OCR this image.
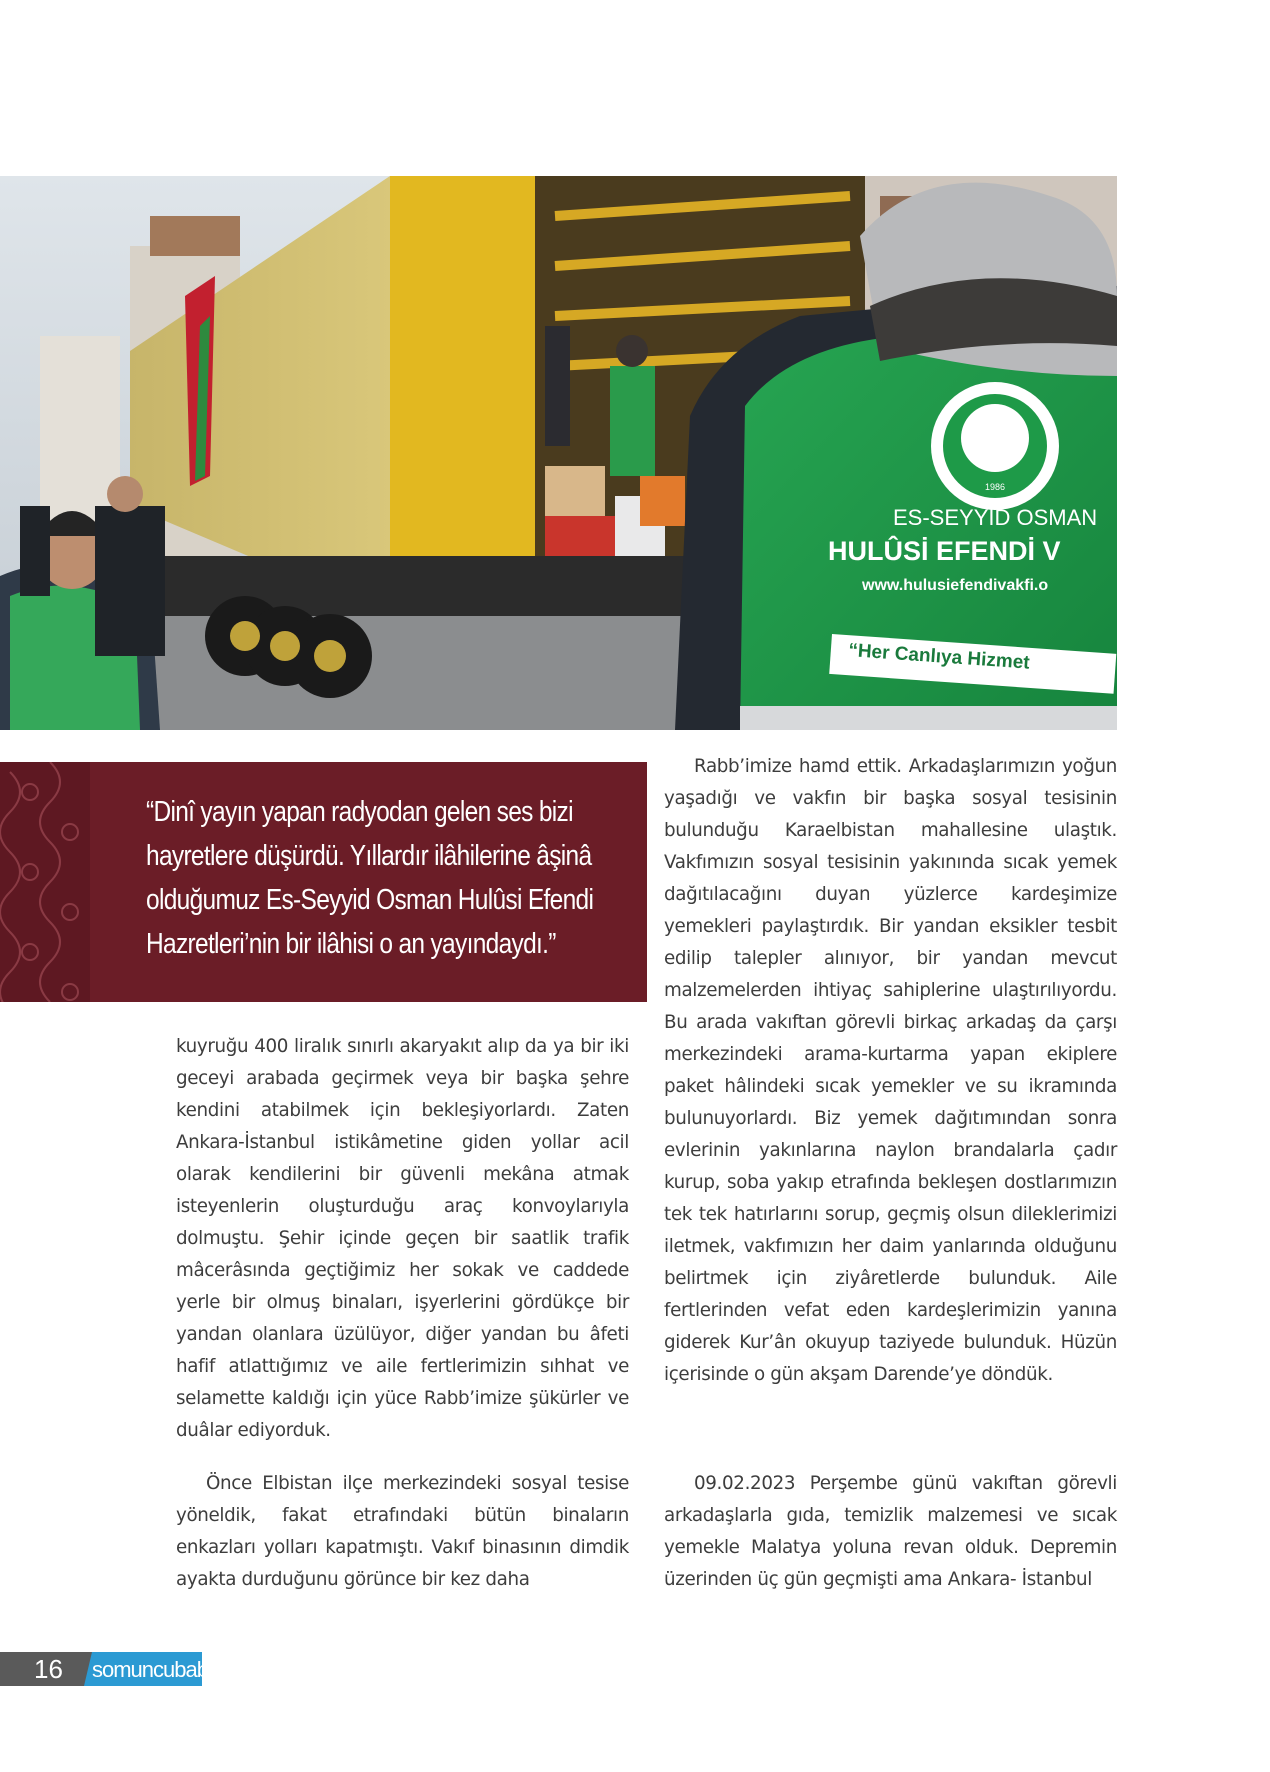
1986
ES-SEYYİD OSMAN
HULÛSİ EFENDİ V
www.hulusiefendivakfi.o
“Her Canlıya Hizmet
“Dinî yayın yapan radyodan gelen ses bizi hayretlere düşürdü. Yıllardır ilâhilerine âşinâ olduğumuz Es-Seyyid Osman Hulûsi Efendi Hazretleri’nin bir ilâhisi o an yayındaydı.”

Rabb’imize hamd ettik. Arkadaşlarımızın yoğun yaşadığı ve vakfın bir başka sosyal tesisinin bulunduğu Karaelbistan mahallesine ulaştık. Vakfımızın sosyal tesisinin yakınında sıcak yemek dağıtılacağını duyan yüzlerce kardeşimize yemekleri paylaştırdık. Bir yandan eksikler tesbit edilip talepler alınıyor, bir yandan mevcut malzemelerden ihtiyaç sahiplerine ulaştırılıyordu. Bu arada vakıftan görevli birkaç arkadaş da çarşı merkezindeki arama-kurtarma yapan ekiplere paket hâlindeki sıcak yemekler ve su ikramında bulunuyorlardı. Biz yemek dağıtımından sonra evlerinin yakınlarına naylon brandalarla çadır kurup, soba yakıp etrafında bekleşen dostlarımızın tek tek hatırlarını sorup, geçmiş olsun dileklerimizi iletmek, vakfımızın her daim yanlarında olduğunu belirtmek için ziyâretlerde bulunduk. Aile fertlerinden vefat eden kardeşlerimizin yanına giderek Kur’ân okuyup taziyede bulunduk. Hüzün içerisinde o gün akşam Darende’ye döndük.

kuyruğu 400 liralık sınırlı akaryakıt alıp da ya bir iki geceyi arabada geçirmek veya bir başka şehre kendini atabilmek için bekleşiyorlardı. Zaten Ankara-İstanbul istikâmetine giden yollar acil olarak kendilerini bir güvenli mekâna atmak isteyenlerin oluşturduğu araç konvoylarıyla dolmuştu. Şehir içinde geçen bir saatlik trafik mâcerâsında geçtiğimiz her sokak ve caddede yerle bir olmuş binaları, işyerlerini gördükçe bir yandan olanlara üzülüyor, diğer yandan bu âfeti hafif atlattığımız ve aile fertlerimizin sıhhat ve selamette kaldığı için yüce Rabb’imize şükürler ve duâlar ediyorduk.

Önce Elbistan ilçe merkezindeki sosyal tesise yöneldik, fakat etrafındaki bütün binaların enkazları yolları kapatmıştı. Vakıf binasının dimdik ayakta durduğunu görünce bir kez daha

09.02.2023 Perşembe günü vakıftan görevli arkadaşlarla gıda, temizlik malzemesi ve sıcak yemekle Malatya yoluna revan olduk. Depremin üzerinden üç gün geçmişti ama Ankara- İstanbul

16 somuncubaba
